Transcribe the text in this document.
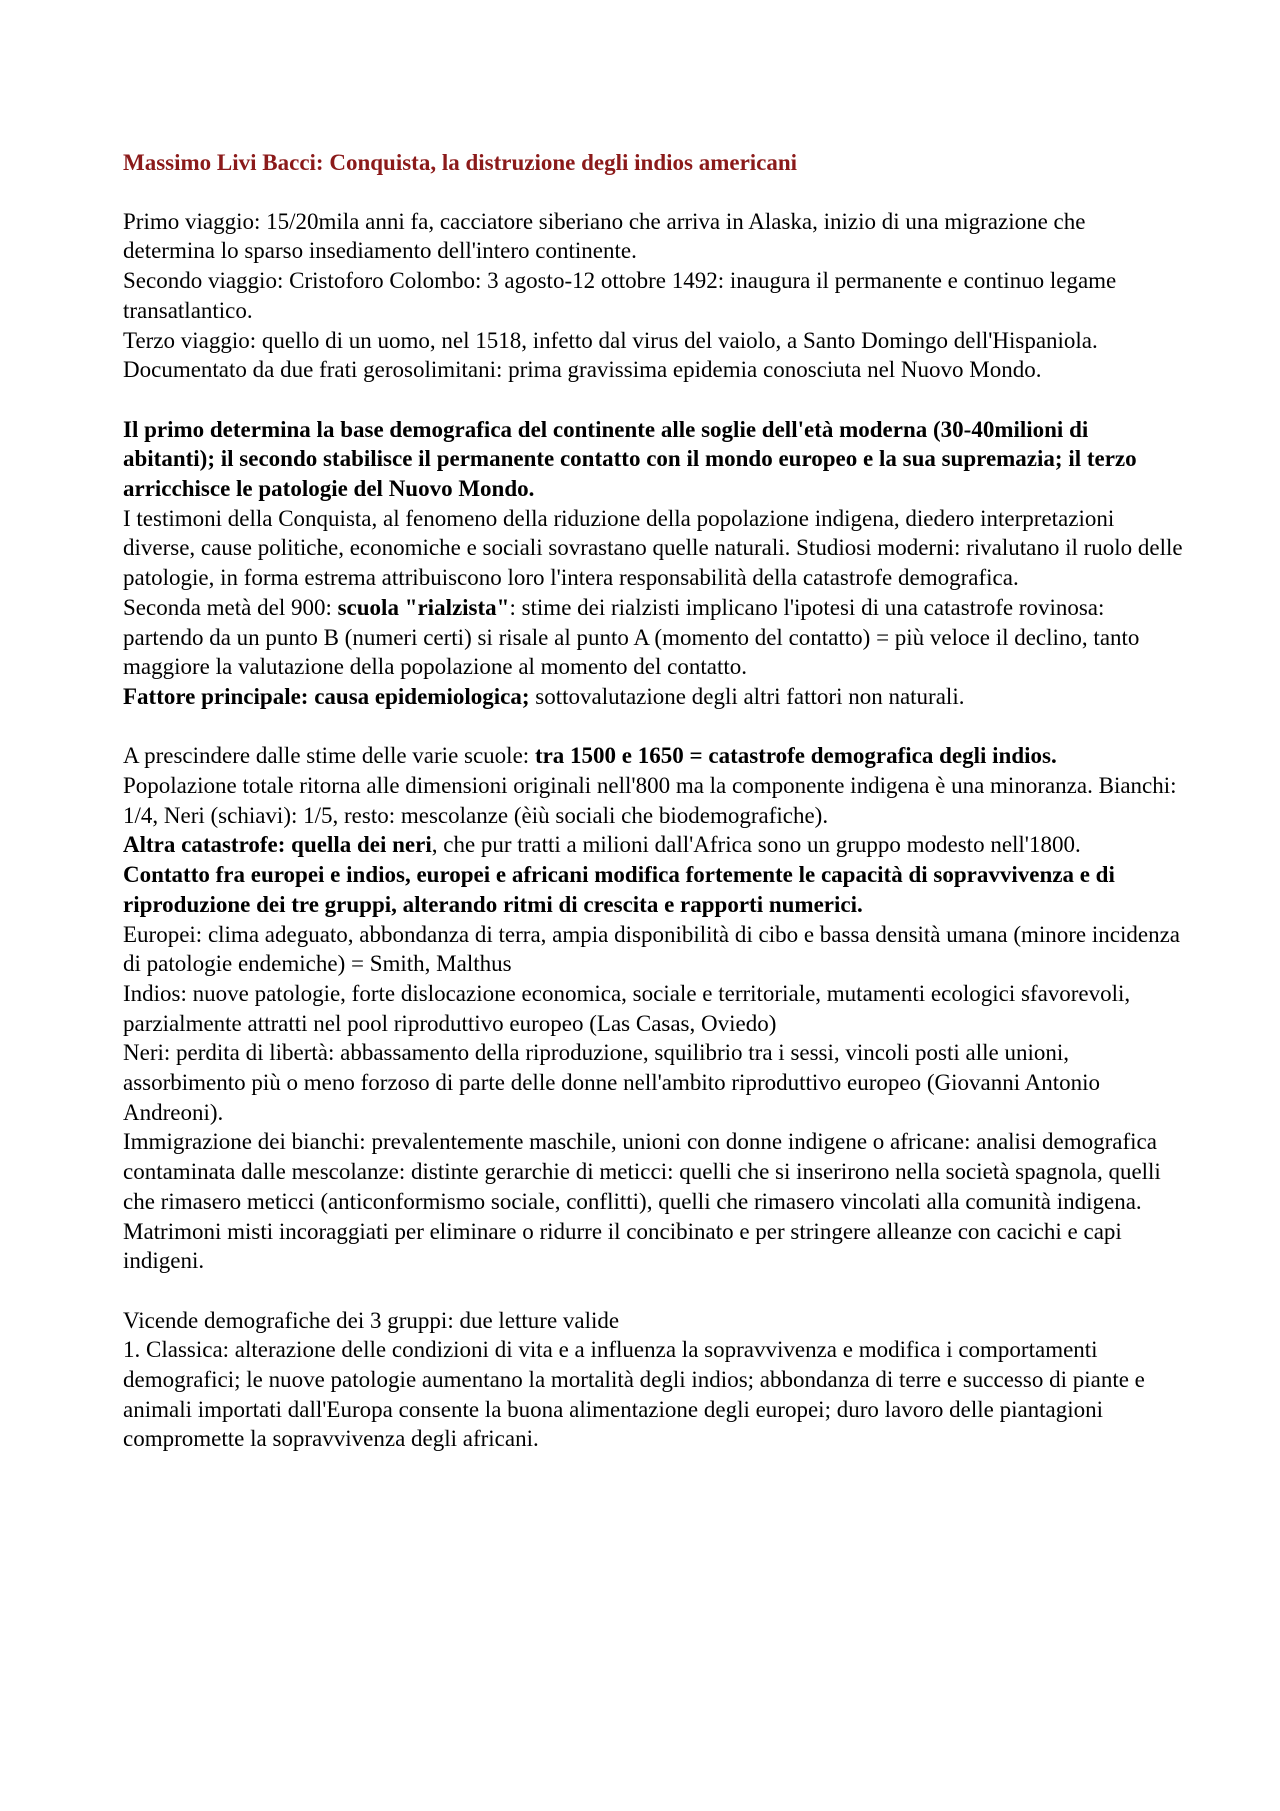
Massimo Livi Bacci: Conquista, la distruzione degli indios americani

Primo viaggio: 15/20mila anni fa, cacciatore siberiano che arriva in Alaska, inizio di una migrazione che determina lo sparso insediamento dell'intero continente.

Secondo viaggio: Cristoforo Colombo: 3 agosto-12 ottobre 1492: inaugura il permanente e continuo legame transatlantico.

Terzo viaggio: quello di un uomo, nel 1518, infetto dal virus del vaiolo, a Santo Domingo dell'Hispaniola. Documentato da due frati gerosolimitani: prima gravissima epidemia conosciuta nel Nuovo Mondo.

Il primo determina la base demografica del continente alle soglie dell'età moderna (30-40milioni di abitanti); il secondo stabilisce il permanente contatto con il mondo europeo e la sua supremazia; il terzo arricchisce le patologie del Nuovo Mondo.

I testimoni della Conquista, al fenomeno della riduzione della popolazione indigena, diedero interpretazioni diverse, cause politiche, economiche e sociali sovrastano quelle naturali. Studiosi moderni: rivalutano il ruolo delle patologie, in forma estrema attribuiscono loro l'intera responsabilità della catastrofe demografica.

Seconda metà del 900: scuola "rialzista": stime dei rialzisti implicano l'ipotesi di una catastrofe rovinosa: partendo da un punto B (numeri certi) si risale al punto A (momento del contatto) = più veloce il declino, tanto maggiore la valutazione della popolazione al momento del contatto.

Fattore principale: causa epidemiologica; sottovalutazione degli altri fattori non naturali.

A prescindere dalle stime delle varie scuole: tra 1500 e 1650 = catastrofe demografica degli indios.

Popolazione totale ritorna alle dimensioni originali nell'800 ma la componente indigena è una minoranza. Bianchi: 1/4, Neri (schiavi): 1/5, resto: mescolanze (èiù sociali che biodemografiche).

Altra catastrofe: quella dei neri, che pur tratti a milioni dall'Africa sono un gruppo modesto nell'1800.

Contatto fra europei e indios, europei e africani modifica fortemente le capacità di sopravvivenza e di riproduzione dei tre gruppi, alterando ritmi di crescita e rapporti numerici.

Europei: clima adeguato, abbondanza di terra, ampia disponibilità di cibo e bassa densità umana (minore incidenza di patologie endemiche) = Smith, Malthus

Indios: nuove patologie, forte dislocazione economica, sociale e territoriale, mutamenti ecologici sfavorevoli, parzialmente attratti nel pool riproduttivo europeo (Las Casas, Oviedo)

Neri: perdita di libertà: abbassamento della riproduzione, squilibrio tra i sessi, vincoli posti alle unioni, assorbimento più o meno forzoso di parte delle donne nell'ambito riproduttivo europeo (Giovanni Antonio Andreoni).

Immigrazione dei bianchi: prevalentemente maschile, unioni con donne indigene o africane: analisi demografica contaminata dalle mescolanze: distinte gerarchie di meticci: quelli che si inserirono nella società spagnola, quelli che rimasero meticci (anticonformismo sociale, conflitti), quelli che rimasero vincolati alla comunità indigena.

Matrimoni misti incoraggiati per eliminare o ridurre il concibinato e per stringere alleanze con cacichi e capi indigeni.

Vicende demografiche dei 3 gruppi: due letture valide

1. Classica: alterazione delle condizioni di vita e a influenza la sopravvivenza e modifica i comportamenti demografici; le nuove patologie aumentano la mortalità degli indios; abbondanza di terre e successo di piante e animali importati dall'Europa consente la buona alimentazione degli europei; duro lavoro delle piantagioni compromette la sopravvivenza degli africani.
